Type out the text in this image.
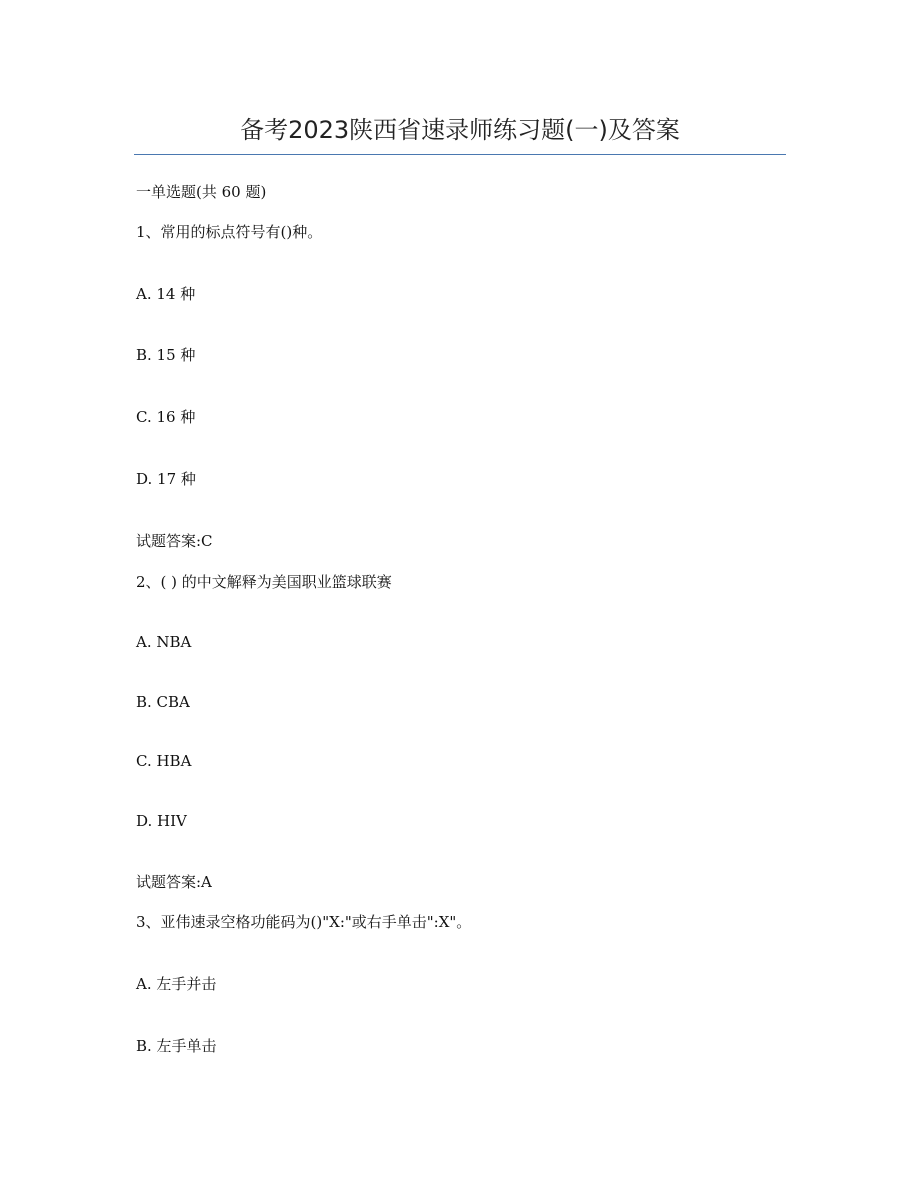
备考2023陕西省速录师练习题(一)及答案
一单选题(共 60 题)
1、常用的标点符号有()种。
A. 14 种
B. 15 种
C. 16 种
D. 17 种
试题答案:C
2、( ) 的中文解释为美国职业篮球联赛
A. NBA
B. CBA
C. HBA
D. HIV
试题答案:A
3、亚伟速录空格功能码为()"X:"或右手单击":X"。
A. 左手并击
B. 左手单击
